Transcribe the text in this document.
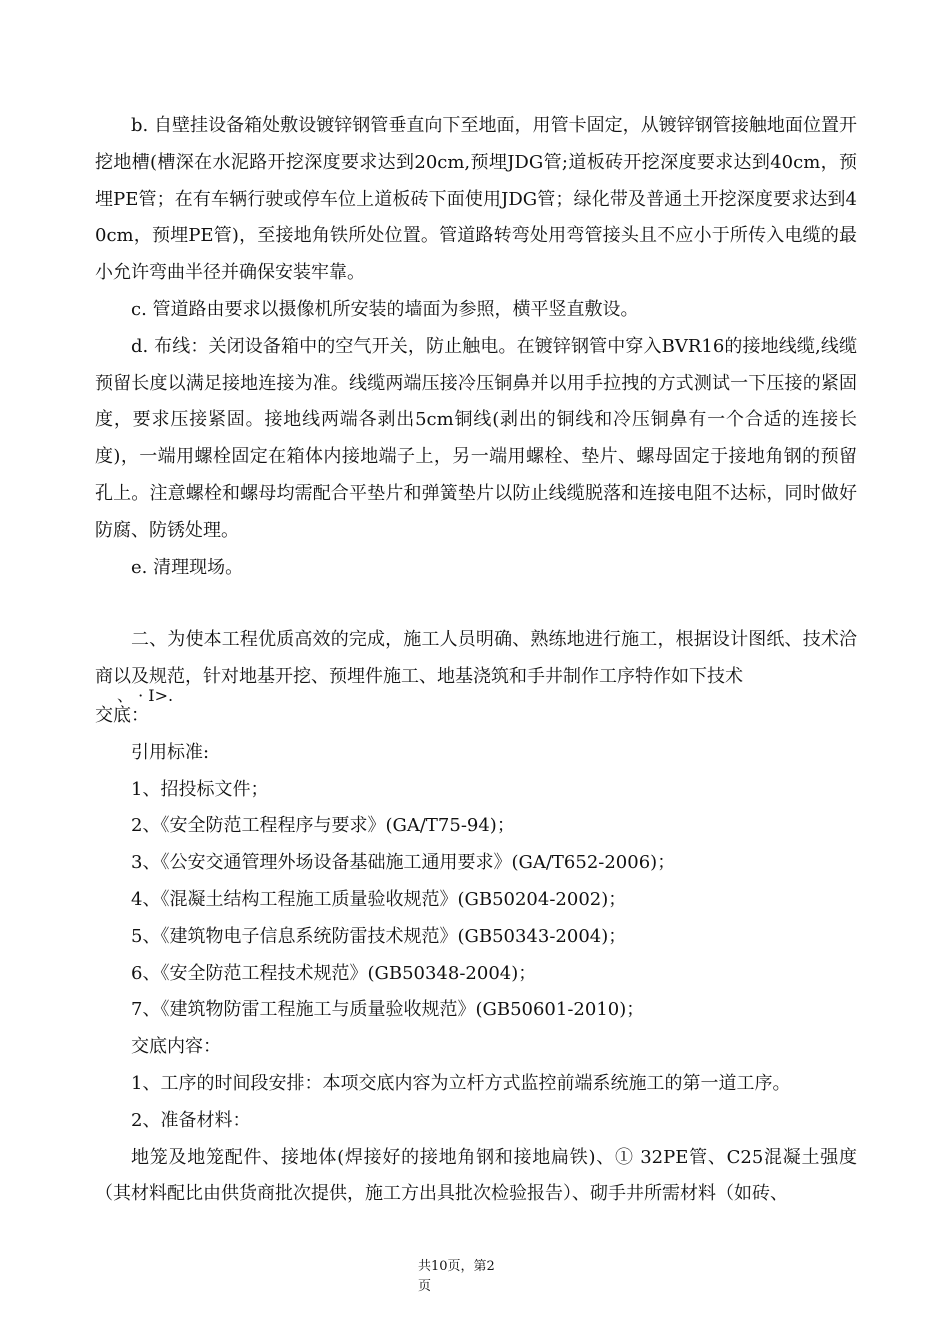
b. 自壁挂设备箱处敷设镀锌钢管垂直向下至地面，用管卡固定，从镀锌钢管接触地面位置开挖地槽(槽深在水泥路开挖深度要求达到20cm,预埋JDG管;道板砖开挖深度要求达到40cm，预埋PE管；在有车辆行驶或停车位上道板砖下面使用JDG管；绿化带及普通土开挖深度要求达到40cm，预埋PE管)，至接地角铁所处位置。管道路转弯处用弯管接头且不应小于所传入电缆的最小允许弯曲半径并确保安装牢靠。

c. 管道路由要求以摄像机所安装的墙面为参照，横平竖直敷设。

d. 布线：关闭设备箱中的空气开关，防止触电。在镀锌钢管中穿入BVR16的接地线缆,线缆预留长度以满足接地连接为准。线缆两端压接冷压铜鼻并以用手拉拽的方式测试一下压接的紧固度，要求压接紧固。接地线两端各剥出5cm铜线(剥出的铜线和冷压铜鼻有一个合适的连接长度)，一端用螺栓固定在箱体内接地端子上，另一端用螺栓、垫片、螺母固定于接地角钢的预留孔上。注意螺栓和螺母均需配合平垫片和弹簧垫片以防止线缆脱落和连接电阻不达标，同时做好防腐、防锈处理。

e. 清理现场。

二、为使本工程优质高效的完成，施工人员明确、熟练地进行施工，根据设计图纸、技术洽商以及规范，针对地基开挖、预埋件施工、地基浇筑和手井制作工序特作如下技术

、 · I>.

交底：

引用标准:

1、招投标文件；

2、《安全防范工程程序与要求》(GA/T75-94)；

3、《公安交通管理外场设备基础施工通用要求》(GA/T652-2006)；

4、《混凝土结构工程施工质量验收规范》(GB50204-2002)；

5、《建筑物电子信息系统防雷技术规范》(GB50343-2004)；

6、《安全防范工程技术规范》(GB50348-2004)；

7、《建筑物防雷工程施工与质量验收规范》(GB50601-2010)；

交底内容：

1、工序的时间段安排：本项交底内容为立杆方式监控前端系统施工的第一道工序。

2、准备材料：

地笼及地笼配件、接地体(焊接好的接地角钢和接地扁铁)、① 32PE管、C25混凝土强度（其材料配比由供货商批次提供，施工方出具批次检验报告）、砌手井所需材料（如砖、

共10页，第2
页
